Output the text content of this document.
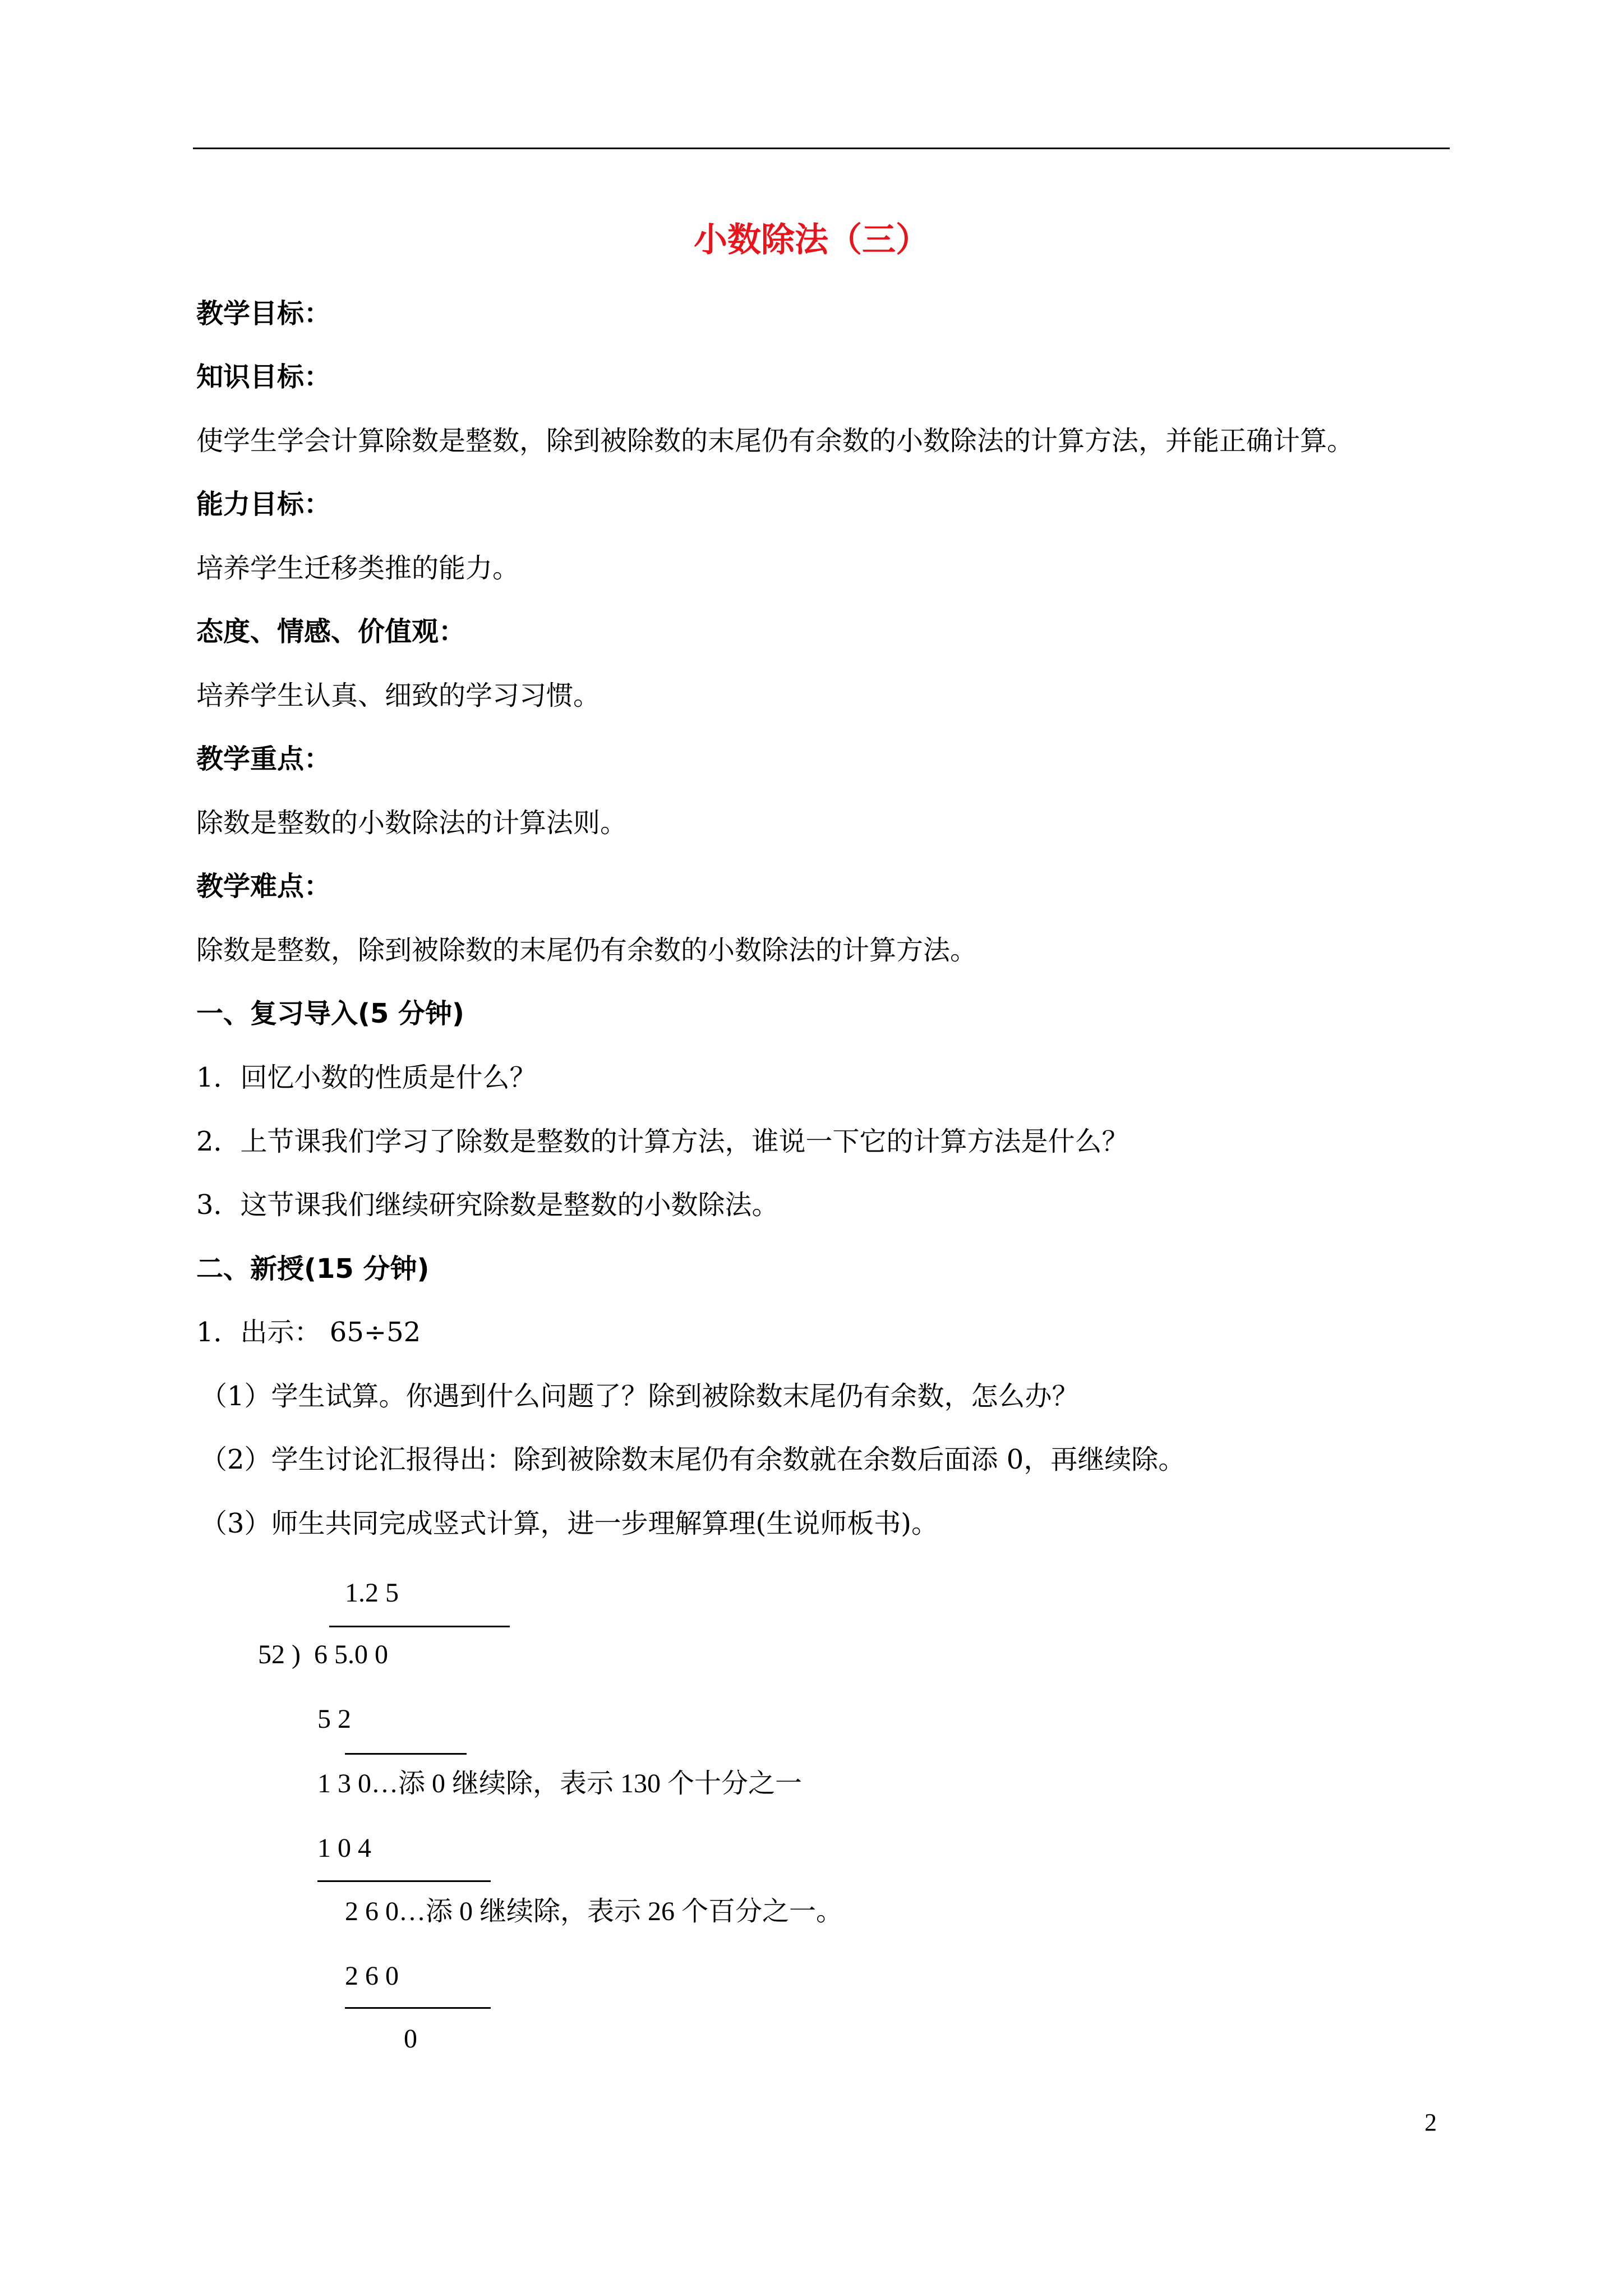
小数除法（三）
教学目标：
知识目标：
使学生学会计算除数是整数，除到被除数的末尾仍有余数的小数除法的计算方法，并能正确计算。
能力目标：
培养学生迁移类推的能力。
态度、情感、价值观：
培养学生认真、细致的学习习惯。
教学重点：
除数是整数的小数除法的计算法则。
教学难点：
除数是整数，除到被除数的末尾仍有余数的小数除法的计算方法。
一、复习导入(5 分钟)
1．回忆小数的性质是什么？
2．上节课我们学习了除数是整数的计算方法，谁说一下它的计算方法是什么？
3．这节课我们继续研究除数是整数的小数除法。
二、新授(15 分钟)
1．出示： 65÷52
（1）学生试算。你遇到什么问题了？除到被除数末尾仍有余数，怎么办？
（2）学生讨论汇报得出：除到被除数末尾仍有余数就在余数后面添 0，再继续除。
（3）师生共同完成竖式计算，进一步理解算理(生说师板书)。
1.2 5
52 ) 6 5.0 0
5 2
1 3 0…添 0 继续除，表示 130 个十分之一
1 0 4
2 6 0…添 0 继续除，表示 26 个百分之一。
2 6 0
0
2
